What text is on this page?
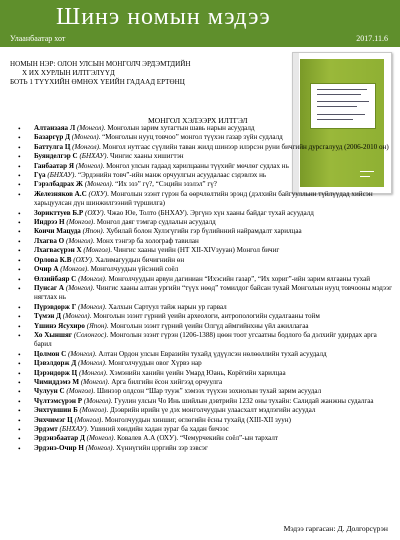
Шинэ номын мэдээ
Улаанбаатар хот	2017.11.6
НОМЫН НЭР: ОЛОН УЛСЫН МОНГОЛЧ ЭРДЭМТДИЙН
Х ИХ ХУРЛЫН ИЛТГЭЛҮҮД
БОТЬ 1 ТҮҮХИЙН ӨМНӨХ ҮЕИЙН ГАДААД ЕРТӨНЦ
МОНГОЛ ХЭЛЭЭРХ ИЛТГЭЛ
• Алтанзаяа Л (Монгол). Монголын зарим хутагтын шавь нарын асуудалд
• Базаргүр Д (Монгол). “Монголын нууц товчоо” монгол түүхэн газар зүйн судлалд
• Баттулга Ц (Монгол). Монгол нутгаас сүүлийн таван жилд шинээр илэрсэн руни бичгийн дурсгалууд (2006-2010 он)
• Буянделгэр С (БНХАУ). Чингис хааны хишигтэн
• Ганбаатар Я (Монгол). Монгол улсын гадаад харилцааны түүхийг мөчлөг судлах нь
• Гүа (БНХАУ). “Эрдэнийн товч”-ийн манж орчуулгын асуудалаас сэдэвлэх нь
• Гэрэлбадрах Ж (Монгол). “Их эзэ” гү?, “Сэцийн эзэлэл” гү?
• Железняков А.С (ОХУ). Монголын эзэнт гүрэн ба өөрчлөлтийн эрэнд (дэлхийн байгуулльнн түйлүүдад хийсэн харьцуулсан дүн шинжилгээний түршилга)
• Зорикттуев Б.Р (ОХУ). Чжао Юе, Толто (БНХАУ). Эргүнэ хүн хааны байдаг тухай асуудалд
• Индрээ Н (Монгол). Монгол даяг тэмгар судлалын асуудалд
• Коичи Мацуда (Япон). Хубилай болон Хулэгүгийн гэр бүлийнний найрамдалт харилцаа
• Лхагва О (Монгол). Монх тэнгэр ба холограф тавилан
• Лхагвасүрэн Х (Монгол). Чингис хааны үеийн (НТ XII-XIVзууан) Монгол бичиг
• Орлова К.В (ОХУ). Халимагуудын бичигнийн өн
• Очир А (Монгол). Монголчуудын үйсэний соёл
• Өлзийбаяр С (Монгол). Монголчуудын арвун дагиниан “Ихэсийн газар”, “Их хориг”-ийн зарим ялгааны тухай
• Пунсаг А (Монгол). Чингис хааны алтан ургийн “түүх нөөд” томилдог байсан тухай Монголын нууц товчооны мэдээг нягтлах нь
• Пүрэвдорж Г (Монгол). Халхын Сартуул тайж нарын ур гарвал
• Түмэн Д (Монгол). Монголын эзэнт гүрний үеийн археологи, антропологийн судалгааны тойм
• Үшинэ Ясухиро (Япон). Монголын эзэнт гүрний үеийн Олгүд аймгийнхны үйл ажиллагаа
• Хо Хыншяг (Солонгос). Монголын эзэнт гүрэн (1206-1388) цөөн тоот угсаатны бодлого ба дэлхийг удирдах арга барил
• Цолмон С (Монгол). Алтан Ордон улсын Евразийн тухайд үдүүлсэн нөлөөллийн тухай асуудалд
• Цэвэлдорж Д (Монгол). Монголчуудын овог Хүрвэ нар
• Цэрэндорж Ц (Монгол). Хэмэнийн ханийн үеийн Умард Юань, Корёгийн харилцаа
• Чимиддэмэ М (Монгол). Арга билгийн ёсон хийгээд орчуулга
• Чулуун С (Монгол). Шинээр олдсон “Шар тууж” хэмээх түүхэн зохиолын тухай зарим асуудал
• Чүлтэмсүрэн Р (Монгол). Гуулин улсын Чо Инь шийлын дэвтрийн 1232 оны тухайн: Салидай жанжны судалгаа
• Энхтүвшин Б (Монгол). Дээврийн ирийн үе дэх монголчуудын улаасхалт мэдлэгийн асуудал
• Энхчимэг Ц (Монгол). Монголчуудын хиншиг, өглөгийн ёсны тухайд (XIII-XII зуун)
• Эрдэмт (БНХАУ). Ушиний хөндийн хадан зураг ба хадан бичээс
• Эрдэнэбаатар Д (Монгол). Ковалев А.А (ОХУ). “Чемурчекийн соёл”-ын тархалт
• Эрдэнэ-Очир Н (Монгол). Хүннүгийн цэргийн зэр зэвсэг
Мэдээ гаргасан: Д. Долгорсүрэн
